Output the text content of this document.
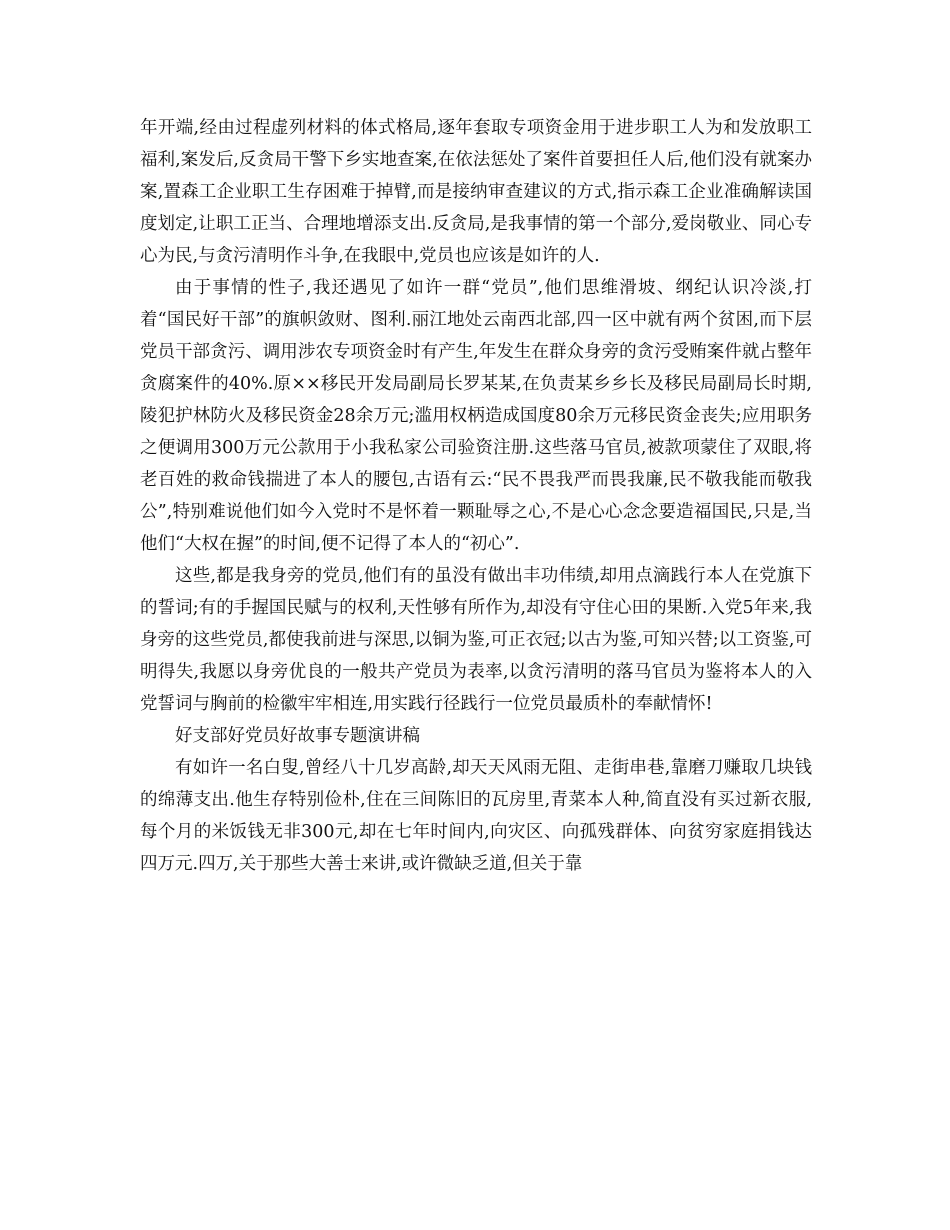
年开端,经由过程虚列材料的体式格局,逐年套取专项资金用于进步职工人为和发放职工福利,案发后,反贪局干警下乡实地查案,在依法惩处了案件首要担任人后,他们没有就案办案,置森工企业职工生存困难于掉臂,而是接纳审查建议的方式,指示森工企业准确解读国度划定,让职工正当、合理地增添支出.反贪局,是我事情的第一个部分,爱岗敬业、同心专心为民,与贪污清明作斗争,在我眼中,党员也应该是如许的人.

由于事情的性子,我还遇见了如许一群“党员”,他们思维滑坡、纲纪认识冷淡,打着“国民好干部”的旗帜敛财、图利.丽江地处云南西北部,四一区中就有两个贫困,而下层党员干部贪污、调用涉农专项资金时有产生,年发生在群众身旁的贪污受贿案件就占整年贪腐案件的40%.原××移民开发局副局长罗某某,在负责某乡乡长及移民局副局长时期,陵犯护林防火及移民资金28余万元;滥用权柄造成国度80余万元移民资金丧失;应用职务之便调用300万元公款用于小我私家公司验资注册.这些落马官员,被款项蒙住了双眼,将老百姓的救命钱揣进了本人的腰包,古语有云:“民不畏我严而畏我廉,民不敬我能而敬我公”,特别难说他们如今入党时不是怀着一颗耻辱之心,不是心心念念要造福国民,只是,当他们“大权在握”的时间,便不记得了本人的“初心”.

这些,都是我身旁的党员,他们有的虽没有做出丰功伟绩,却用点滴践行本人在党旗下的誓词;有的手握国民赋与的权利,天性够有所作为,却没有守住心田的果断.入党5年来,我身旁的这些党员,都使我前进与深思,以铜为鉴,可正衣冠;以古为鉴,可知兴替;以工资鉴,可明得失,我愿以身旁优良的一般共产党员为表率,以贪污清明的落马官员为鉴将本人的入党誓词与胸前的检徽牢牢相连,用实践行径践行一位党员最质朴的奉献情怀!

好支部好党员好故事专题演讲稿

有如许一名白叟,曾经八十几岁高龄,却天天风雨无阻、走街串巷,靠磨刀赚取几块钱的绵薄支出.他生存特别俭朴,住在三间陈旧的瓦房里,青菜本人种,简直没有买过新衣服,每个月的米饭钱无非300元,却在七年时间内,向灾区、向孤残群体、向贫穷家庭捐钱达四万元.四万,关于那些大善士来讲,或许微缺乏道,但关于靠
